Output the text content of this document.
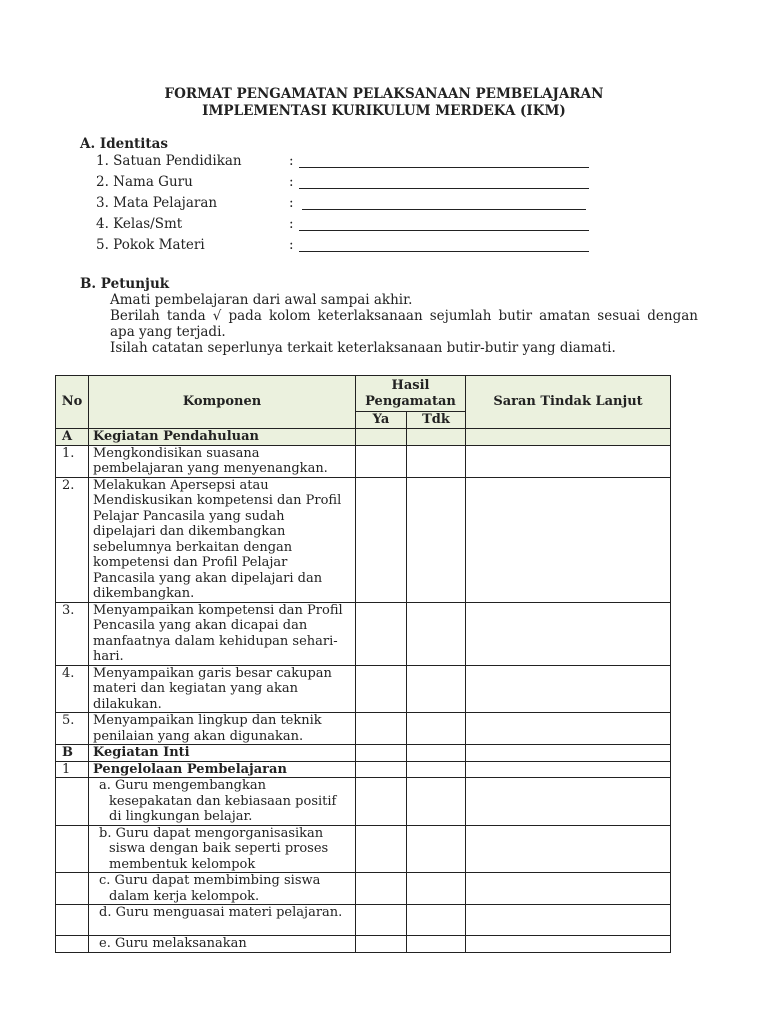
FORMAT PENGAMATAN PELAKSANAAN PEMBELAJARAN
IMPLEMENTASI KURIKULUM MERDEKA (IKM)
A. Identitas
1. Satuan Pendidikan	:
2. Nama Guru	:
3. Mata Pelajaran	:
4. Kelas/Smt	:
5. Pokok Materi	:
B. Petunjuk
Amati pembelajaran dari awal sampai akhir.
Berilah tanda √ pada kolom keterlaksanaan sejumlah butir amatan sesuai dengan
apa yang terjadi.
Isilah catatan seperlunya terkait keterlaksanaan butir-butir yang diamati.
No	Komponen	Hasil Pengamatan		Saran Tindak Lanjut
		Ya	Tdk	
A	Kegiatan Pendahuluan			
1.	Mengkondisikan suasana pembelajaran yang menyenangkan.			
2.	Melakukan Apersepsi atau Mendiskusikan kompetensi dan Profil Pelajar Pancasila yang sudah dipelajari dan dikembangkan sebelumnya berkaitan dengan kompetensi dan Profil Pelajar Pancasila yang akan dipelajari dan dikembangkan.			
3.	Menyampaikan kompetensi dan Profil Pencasila yang akan dicapai dan manfaatnya dalam kehidupan sehari-hari.			
4.	Menyampaikan garis besar cakupan materi dan kegiatan yang akan dilakukan.			
5.	Menyampaikan lingkup dan teknik penilaian yang akan digunakan.			
B	Kegiatan Inti			
1	Pengelolaan Pembelajaran			
	a. Guru mengembangkan kesepakatan dan kebiasaan positif di lingkungan belajar.			
	b. Guru dapat mengorganisasikan siswa dengan baik seperti proses membentuk kelompok			
	c. Guru dapat membimbing siswa dalam kerja kelompok.			
	d. Guru menguasai materi pelajaran.			
	e. Guru melaksanakan			
